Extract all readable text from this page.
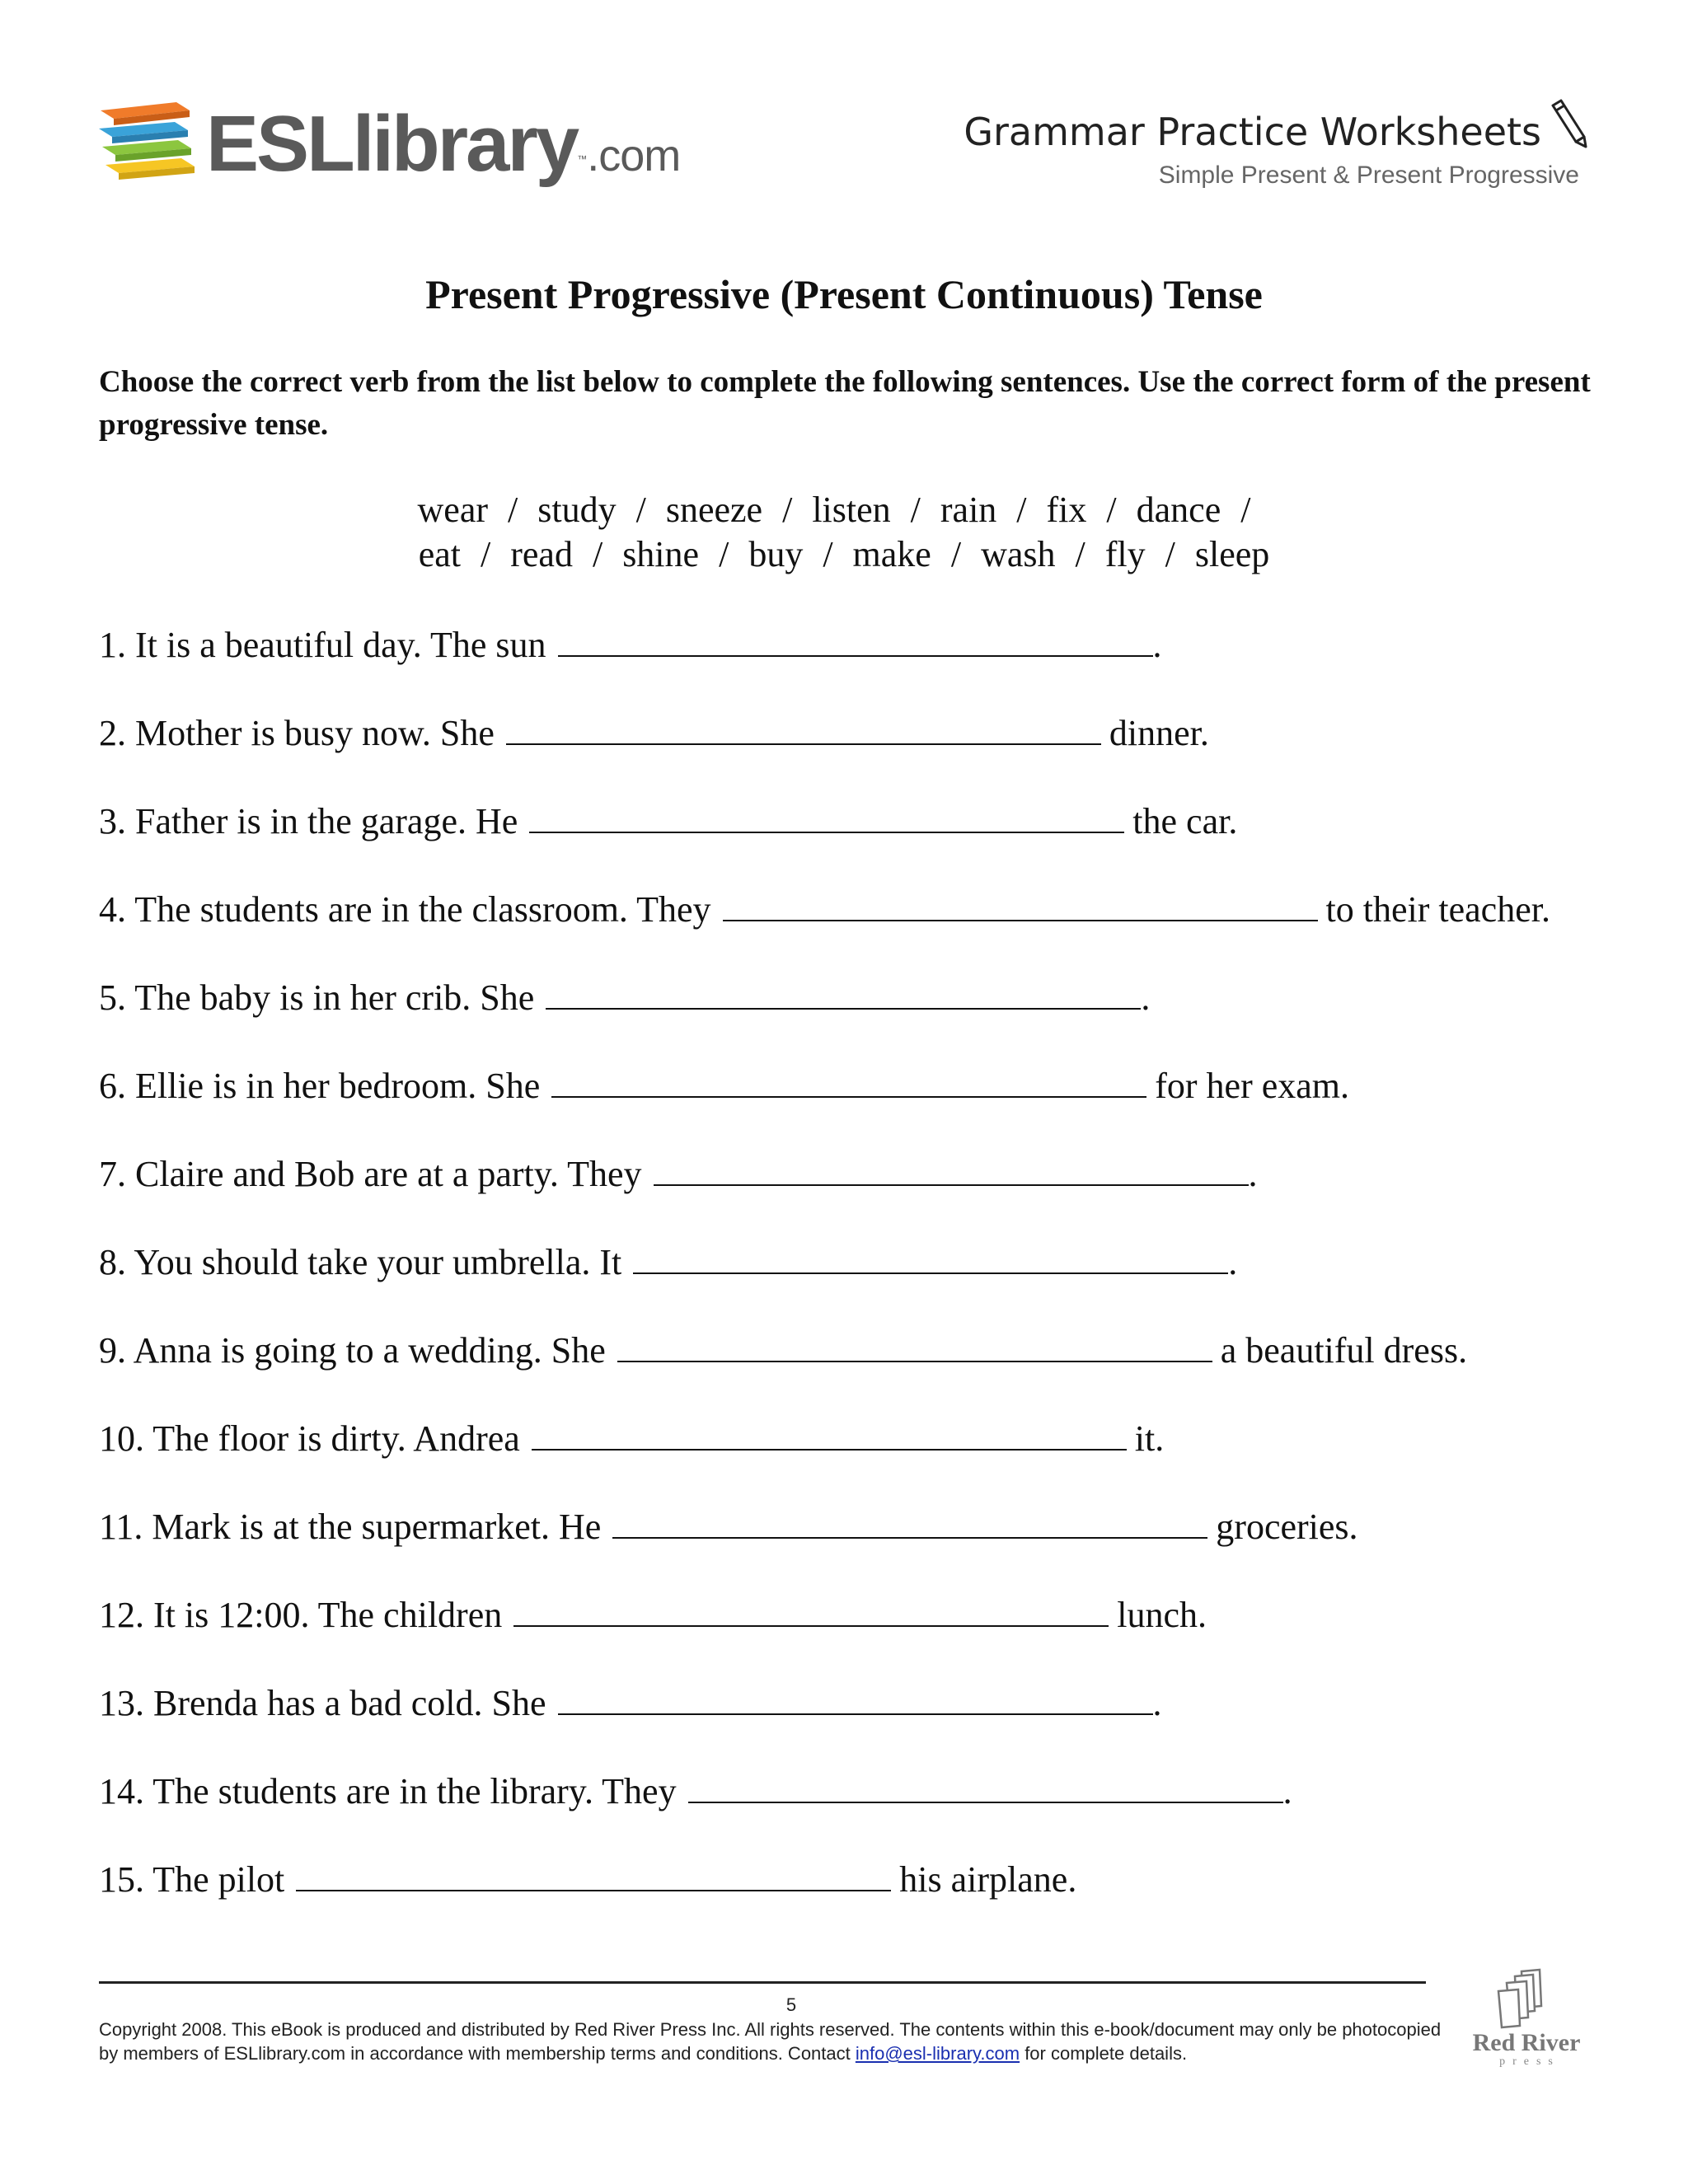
ESLlibrary™.com	Grammar Practice Worksheets
Simple Present & Present Progressive
Present Progressive (Present Continuous) Tense
Choose the correct verb from the list below to complete the following sentences. Use the correct form of the present progressive tense.
wear / study / sneeze / listen / rain / fix / dance /
eat / read / shine / buy / make / wash / fly / sleep
1. It is a beautiful day. The sun	.
2. Mother is busy now. She	dinner.
3. Father is in the garage. He	the car.
4. The students are in the classroom. They	to their teacher.
5. The baby is in her crib. She	.
6. Ellie is in her bedroom. She	for her exam.
7. Claire and Bob are at a party. They	.
8. You should take your umbrella. It	.
9. Anna is going to a wedding. She	a beautiful dress.
10. The floor is dirty. Andrea	it.
11. Mark is at the supermarket. He	groceries.
12. It is 12:00. The children	lunch.
13. Brenda has a bad cold. She	.
14. The students are in the library. They	.
15. The pilot	his airplane.
5
Copyright 2008. This eBook is produced and distributed by Red River Press Inc. All rights reserved. The contents within this e-book/document may only be photocopied by members of ESLlibrary.com in accordance with membership terms and conditions. Contact info@esl-library.com for complete details.	Red River
press
